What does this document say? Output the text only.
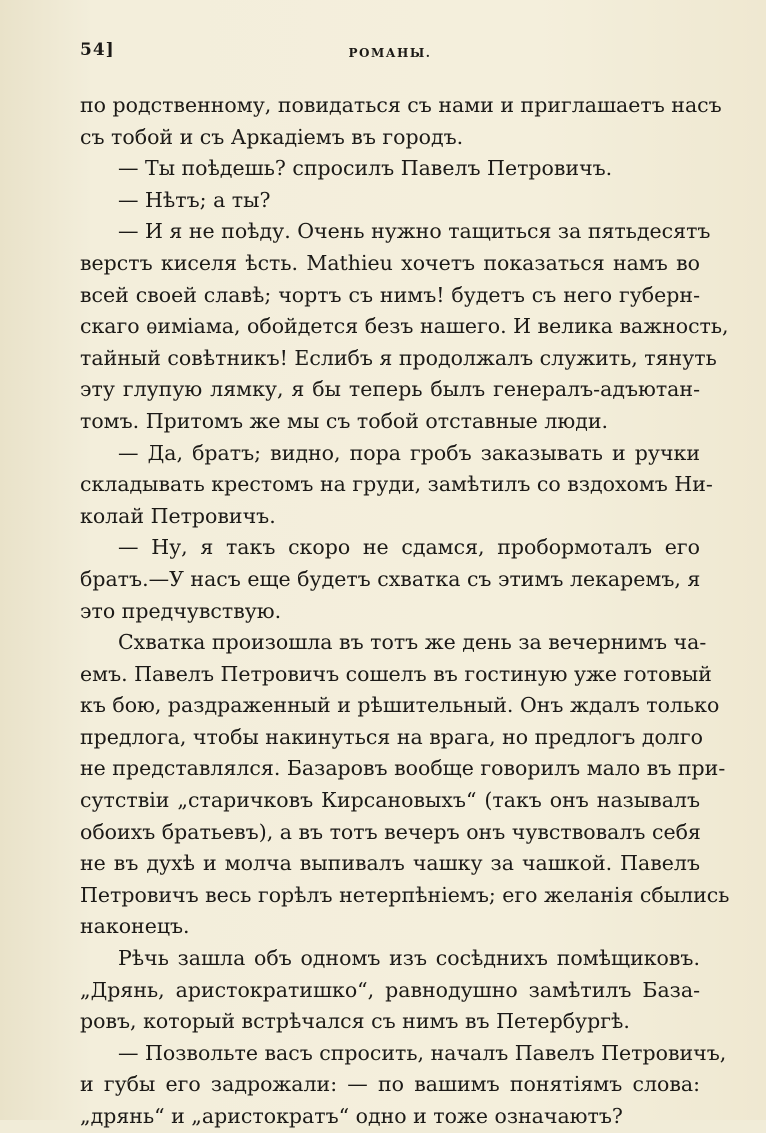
54]	РОМАНЫ.

по родственному, повидаться съ нами и приглашаетъ насъ
съ тобой и съ Аркадіемъ въ городъ.

— Ты поѣдешь? спросилъ Павелъ Петровичъ.

— Нѣтъ; а ты?

— И я не поѣду. Очень нужно тащиться за пятьдесятъ
верстъ киселя ѣсть. Mathieu хочетъ показаться намъ во
всей своей славѣ; чортъ съ нимъ! будетъ съ него губерн-
скаго ѳиміама, обойдется безъ нашего. И велика важность,
тайный совѣтникъ! Еслибъ я продолжалъ служить, тянуть
эту глупую лямку, я бы теперь былъ генералъ-адъютан-
томъ. Притомъ же мы съ тобой отставные люди.

— Да, братъ; видно, пора гробъ заказывать и ручки
складывать крестомъ на груди, замѣтилъ со вздохомъ Ни-
колай Петровичъ.

— Ну, я такъ скоро не сдамся, пробормоталъ его
братъ.—У насъ еще будетъ схватка съ этимъ лекаремъ, я
это предчувствую.

Схватка произошла въ тотъ же день за вечернимъ ча-
емъ. Павелъ Петровичъ сошелъ въ гостиную уже готовый
къ бою, раздраженный и рѣшительный. Онъ ждалъ только
предлога, чтобы накинуться на врага, но предлогъ долго
не представлялся. Базаровъ вообще говорилъ мало въ при-
сутствіи „старичковъ Кирсановыхъ“ (такъ онъ называлъ
обоихъ братьевъ), а въ тотъ вечеръ онъ чувствовалъ себя
не въ духѣ и молча выпивалъ чашку за чашкой. Павелъ
Петровичъ весь горѣлъ нетерпѣніемъ; его желанія сбылись
наконецъ.

Рѣчь зашла объ одномъ изъ сосѣднихъ помѣщиковъ.
„Дрянь, аристократишко“, равнодушно замѣтилъ База-
ровъ, который встрѣчался съ нимъ въ Петербургѣ.

— Позвольте васъ спросить, началъ Павелъ Петровичъ,
и губы его задрожали: — по вашимъ понятіямъ слова:
„дрянь“ и „аристократъ“ одно и тоже означаютъ?
